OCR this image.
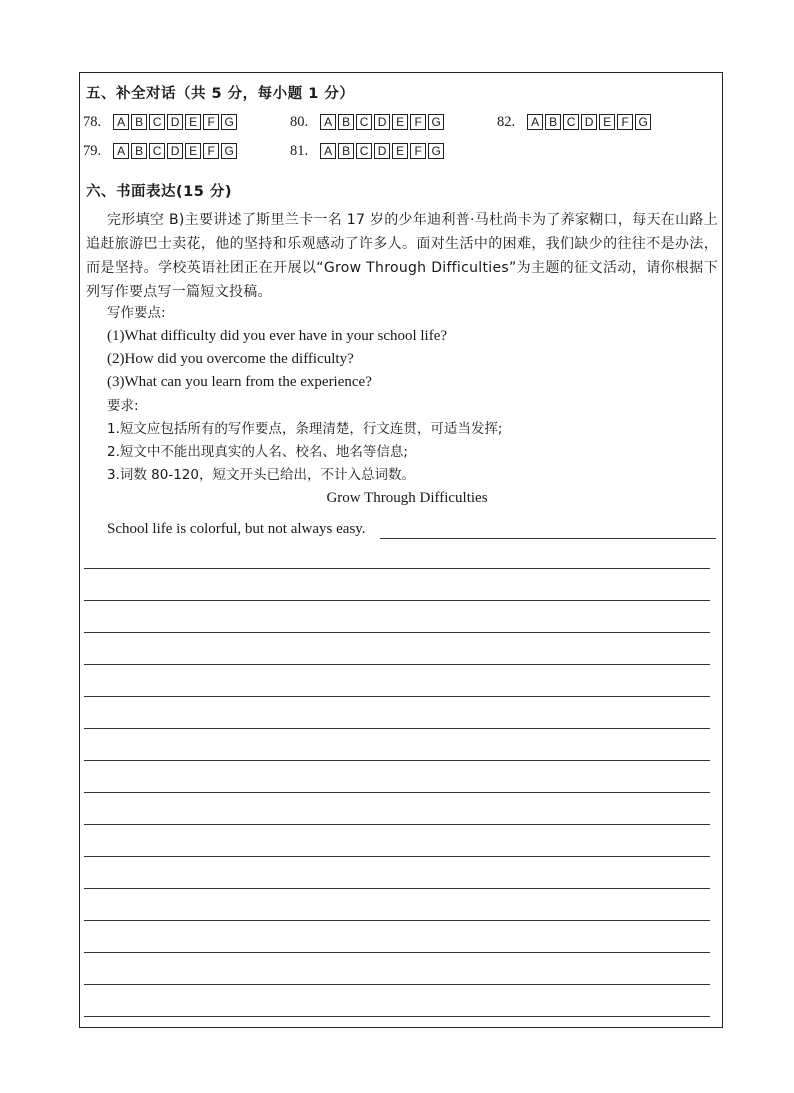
五、补全对话（共 5 分，每小题 1 分）
78.	A B C D E F G	80.	A B C D E F G	82.	A B C D E F G
79.	A B C D E F G	81.	A B C D E F G
六、书面表达(15 分)
完形填空 B)主要讲述了斯里兰卡一名 17 岁的少年迪利普·马杜尚卡为了养家糊口，每天在山路上追赶旅游巴士卖花，他的坚持和乐观感动了许多人。面对生活中的困难，我们缺少的往往不是办法，而是坚持。学校英语社团正在开展以“Grow Through Difficulties”为主题的征文活动，请你根据下列写作要点写一篇短文投稿。
写作要点:
(1)What difficulty did you ever have in your school life?
(2)How did you overcome the difficulty?
(3)What can you learn from the experience?
要求:
1.短文应包括所有的写作要点，条理清楚，行文连贯，可适当发挥;
2.短文中不能出现真实的人名、校名、地名等信息;
3.词数 80-120，短文开头已给出，不计入总词数。
Grow Through Difficulties
School life is colorful, but not always easy.
